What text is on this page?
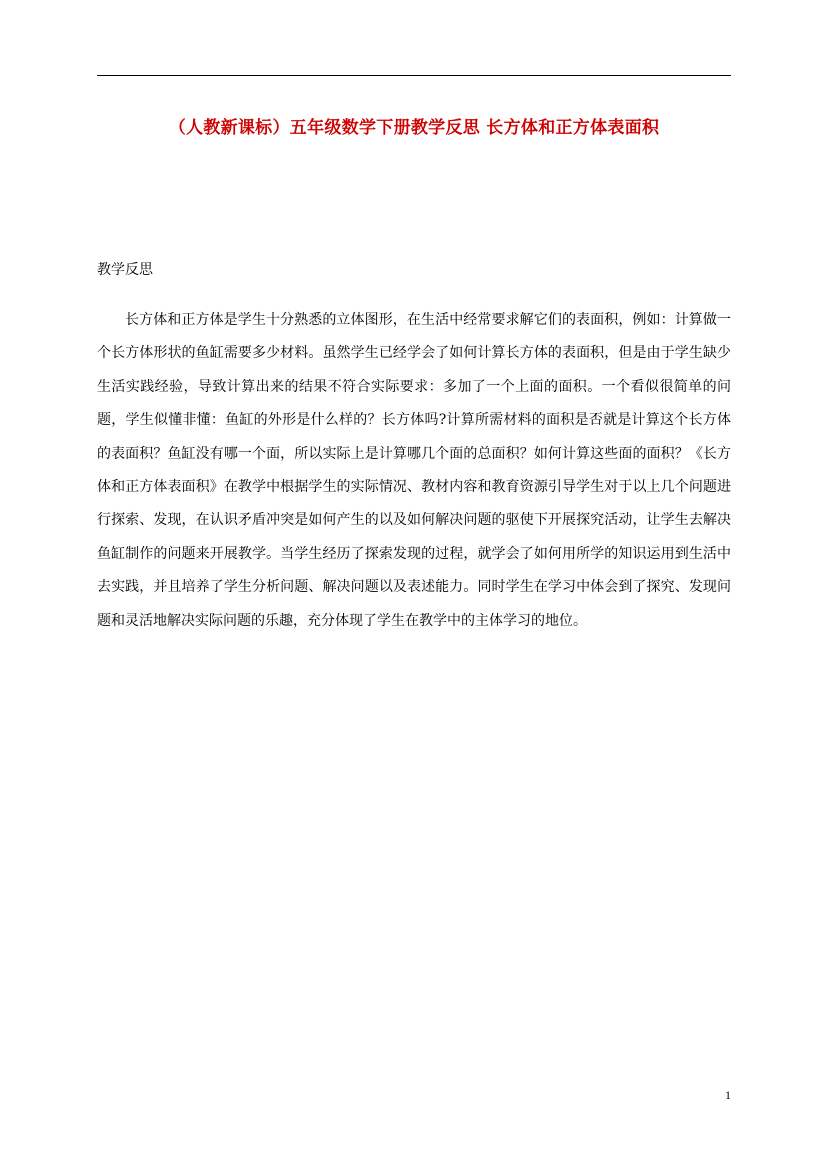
（人教新课标）五年级数学下册教学反思 长方体和正方体表面积
教学反思

长方体和正方体是学生十分熟悉的立体图形，在生活中经常要求解它们的表面积，例如：计算做一个长方体形状的鱼缸需要多少材料。虽然学生已经学会了如何计算长方体的表面积，但是由于学生缺少生活实践经验，导致计算出来的结果不符合实际要求：多加了一个上面的面积。一个看似很简单的问题，学生似懂非懂：鱼缸的外形是什么样的？长方体吗?计算所需材料的面积是否就是计算这个长方体的表面积？鱼缸没有哪一个面，所以实际上是计算哪几个面的总面积？如何计算这些面的面积？《长方体和正方体表面积》在教学中根据学生的实际情况、教材内容和教育资源引导学生对于以上几个问题进行探索、发现，在认识矛盾冲突是如何产生的以及如何解决问题的驱使下开展探究活动，让学生去解决鱼缸制作的问题来开展教学。当学生经历了探索发现的过程，就学会了如何用所学的知识运用到生活中去实践，并且培养了学生分析问题、解决问题以及表述能力。同时学生在学习中体会到了探究、发现问题和灵活地解决实际问题的乐趣，充分体现了学生在教学中的主体学习的地位。

1
